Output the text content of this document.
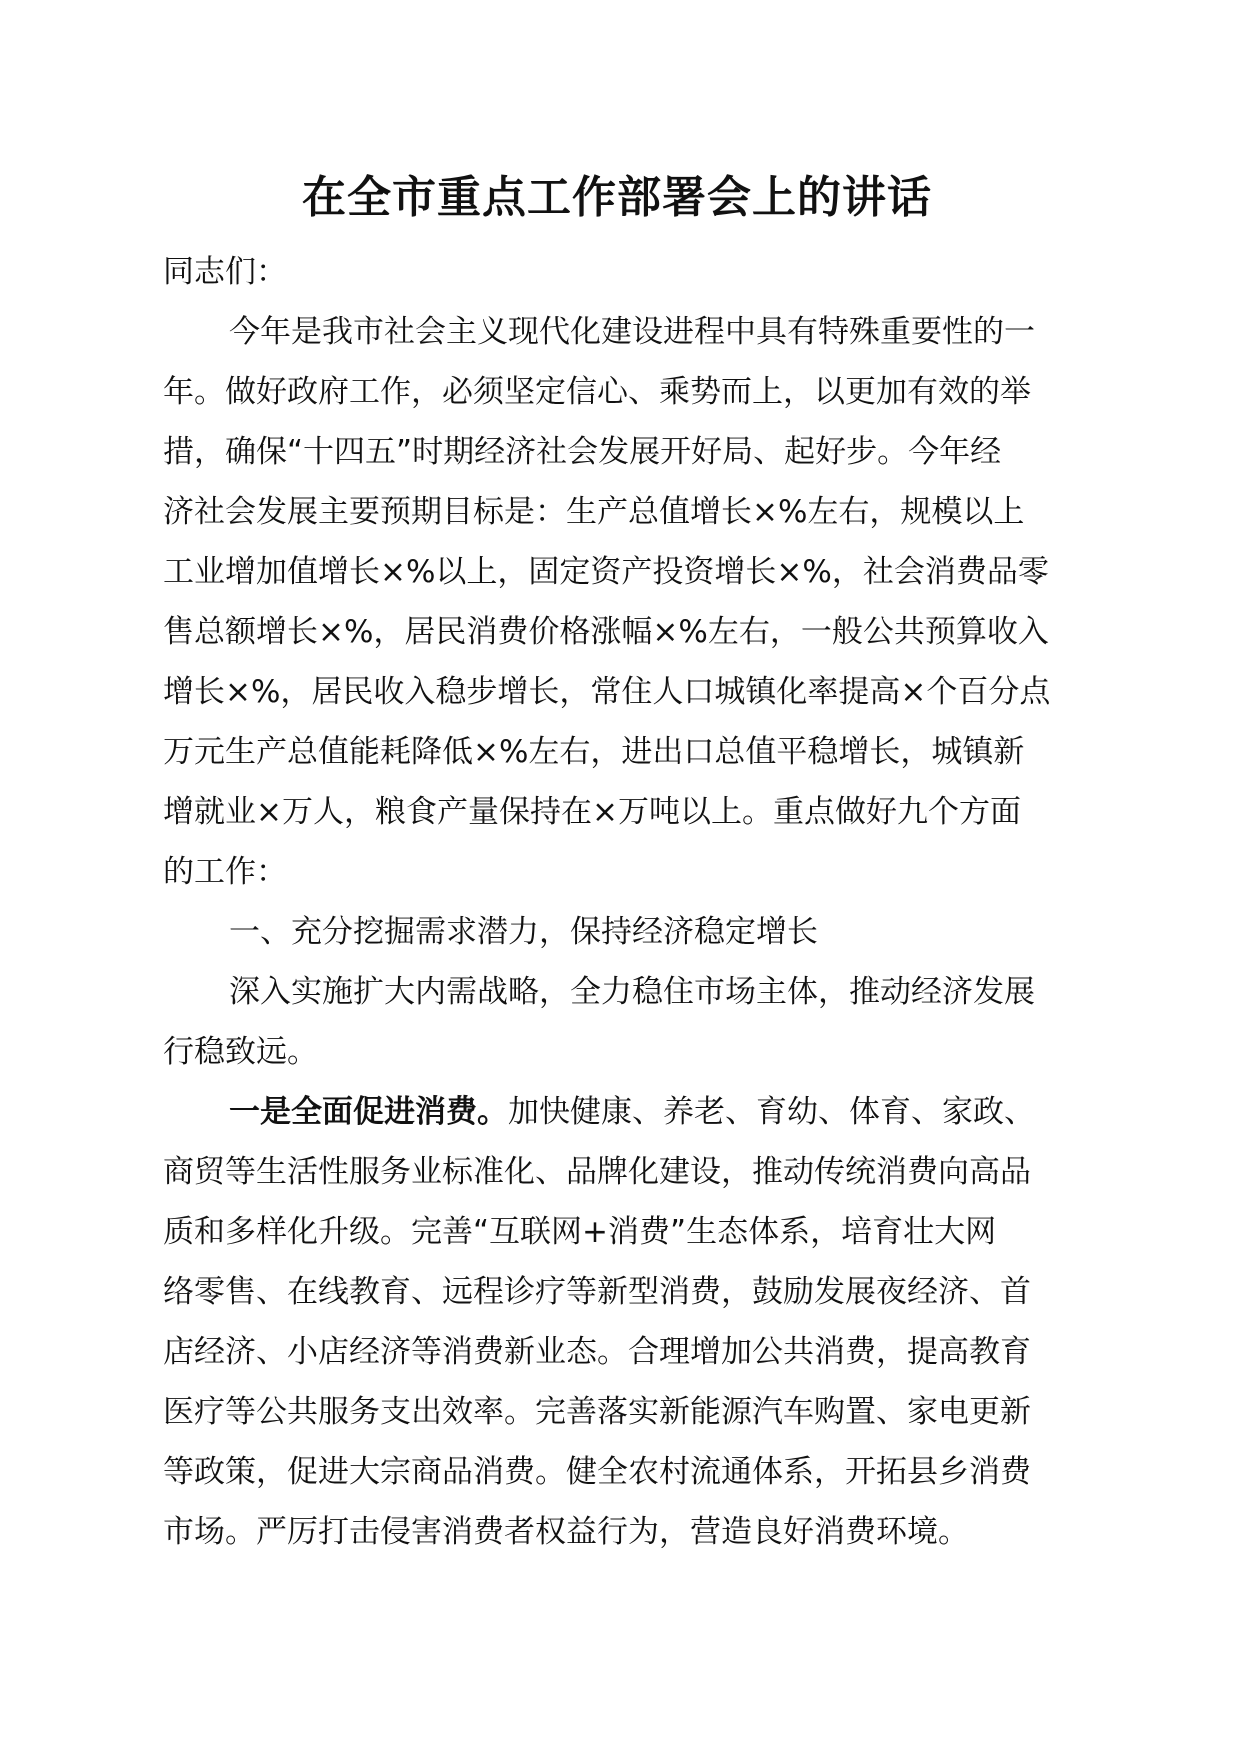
在全市重点工作部署会上的讲话

同志们：

今年是我市社会主义现代化建设进程中具有特殊重要性的一
年。做好政府工作，必须坚定信心、乘势而上，以更加有效的举
措，确保“十四五”时期经济社会发展开好局、起好步。今年经
济社会发展主要预期目标是：生产总值增长×%左右，规模以上
工业增加值增长×%以上，固定资产投资增长×%，社会消费品零
售总额增长×%，居民消费价格涨幅×%左右，一般公共预算收入
增长×%，居民收入稳步增长，常住人口城镇化率提高×个百分点
万元生产总值能耗降低×%左右，进出口总值平稳增长，城镇新
增就业×万人，粮食产量保持在×万吨以上。重点做好九个方面
的工作：

一、充分挖掘需求潜力，保持经济稳定增长

深入实施扩大内需战略，全力稳住市场主体，推动经济发展
行稳致远。

一是全面促进消费。加快健康、养老、育幼、体育、家政、
商贸等生活性服务业标准化、品牌化建设，推动传统消费向高品
质和多样化升级。完善“互联网+消费”生态体系，培育壮大网
络零售、在线教育、远程诊疗等新型消费，鼓励发展夜经济、首
店经济、小店经济等消费新业态。合理增加公共消费，提高教育
医疗等公共服务支出效率。完善落实新能源汽车购置、家电更新
等政策，促进大宗商品消费。健全农村流通体系，开拓县乡消费
市场。严厉打击侵害消费者权益行为，营造良好消费环境。
